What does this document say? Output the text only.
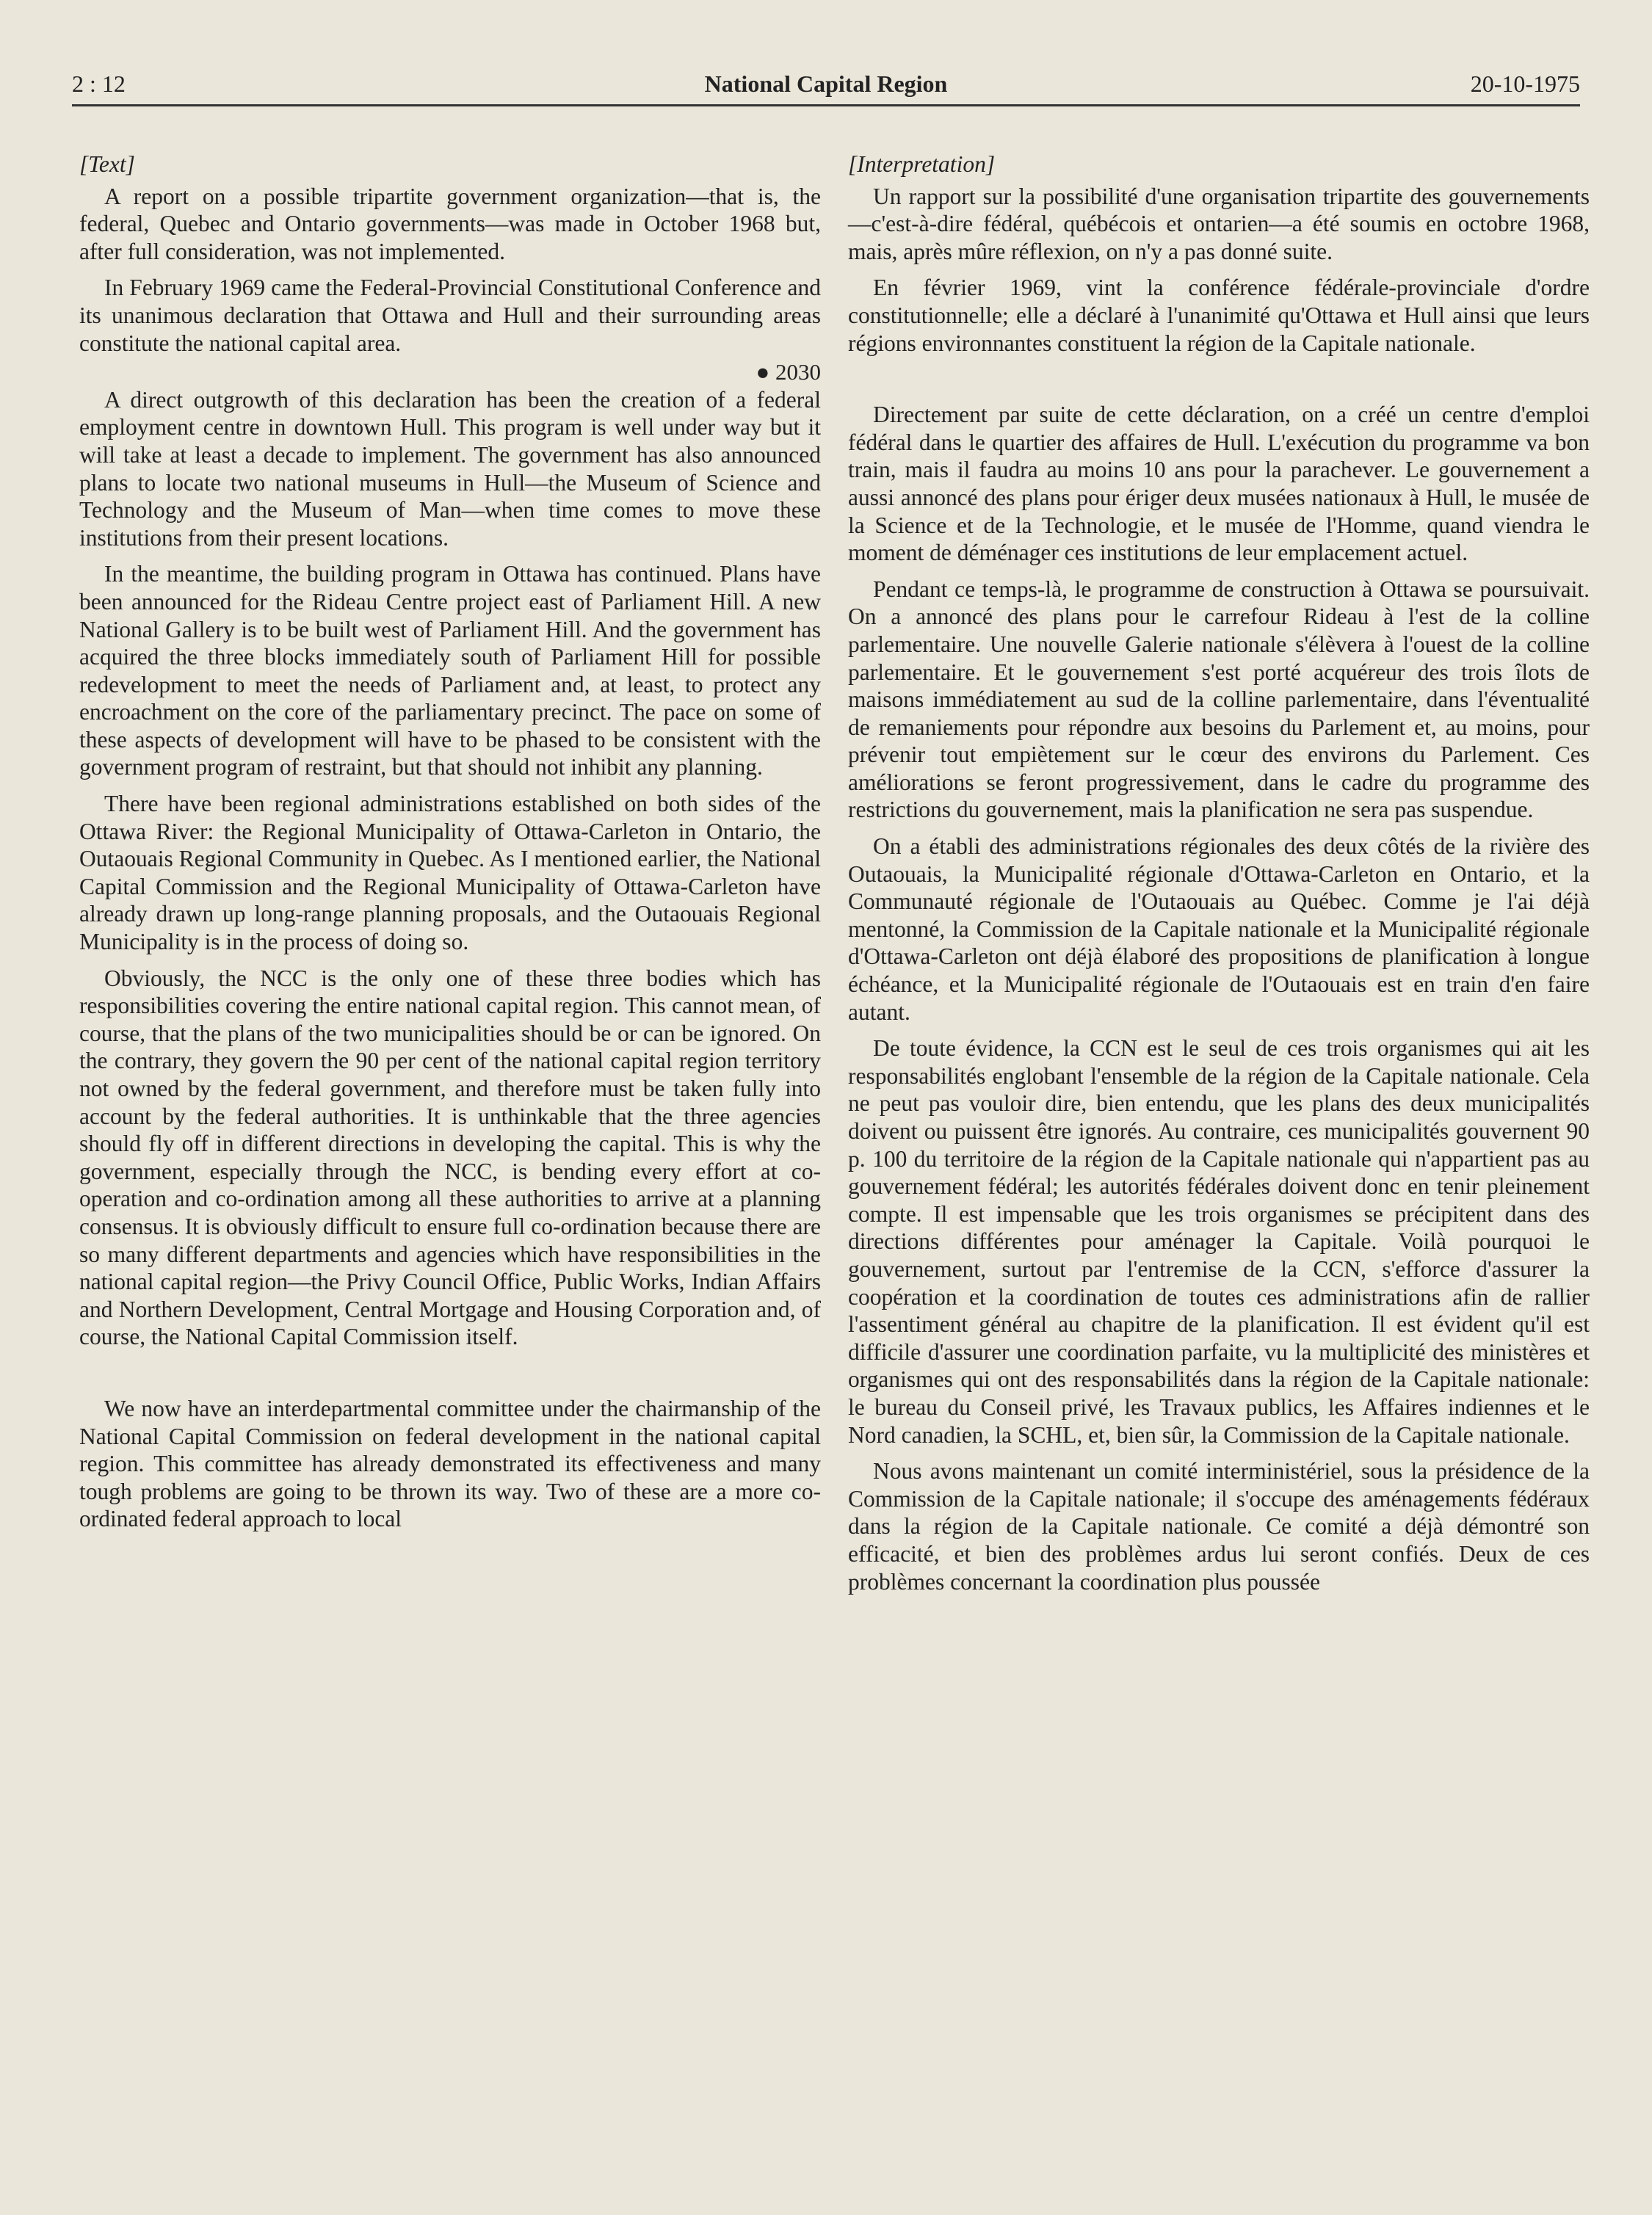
2 : 12	National Capital Region	20-10-1975
[Text]

A report on a possible tripartite government organization—that is, the federal, Quebec and Ontario governments—was made in October 1968 but, after full consideration, was not implemented.

In February 1969 came the Federal-Provincial Constitutional Conference and its unanimous declaration that Ottawa and Hull and their surrounding areas constitute the national capital area.

● 2030

A direct outgrowth of this declaration has been the creation of a federal employment centre in downtown Hull. This program is well under way but it will take at least a decade to implement. The government has also announced plans to locate two national museums in Hull—the Museum of Science and Technology and the Museum of Man—when time comes to move these institutions from their present locations.

In the meantime, the building program in Ottawa has continued. Plans have been announced for the Rideau Centre project east of Parliament Hill. A new National Gallery is to be built west of Parliament Hill. And the government has acquired the three blocks immediately south of Parliament Hill for possible redevelopment to meet the needs of Parliament and, at least, to protect any encroachment on the core of the parliamentary precinct. The pace on some of these aspects of development will have to be phased to be consistent with the government program of restraint, but that should not inhibit any planning.

There have been regional administrations established on both sides of the Ottawa River: the Regional Municipality of Ottawa-Carleton in Ontario, the Outaouais Regional Community in Quebec. As I mentioned earlier, the National Capital Commission and the Regional Municipality of Ottawa-Carleton have already drawn up long-range planning proposals, and the Outaouais Regional Municipality is in the process of doing so.

Obviously, the NCC is the only one of these three bodies which has responsibilities covering the entire national capital region. This cannot mean, of course, that the plans of the two municipalities should be or can be ignored. On the contrary, they govern the 90 per cent of the national capital region territory not owned by the federal government, and therefore must be taken fully into account by the federal authorities. It is unthinkable that the three agencies should fly off in different directions in developing the capital. This is why the government, especially through the NCC, is bending every effort at co-operation and co-ordination among all these authorities to arrive at a planning consensus. It is obviously difficult to ensure full co-ordination because there are so many different departments and agencies which have responsibilities in the national capital region—the Privy Council Office, Public Works, Indian Affairs and Northern Development, Central Mortgage and Housing Corporation and, of course, the National Capital Commission itself.

We now have an interdepartmental committee under the chairmanship of the National Capital Commission on federal development in the national capital region. This committee has already demonstrated its effectiveness and many tough problems are going to be thrown its way. Two of these are a more co-ordinated federal approach to local

[Interpretation]

Un rapport sur la possibilité d'une organisation tripartite des gouvernements—c'est-à-dire fédéral, québécois et ontarien—a été soumis en octobre 1968, mais, après mûre réflexion, on n'y a pas donné suite.

En février 1969, vint la conférence fédérale-provinciale d'ordre constitutionnelle; elle a déclaré à l'unanimité qu'Ottawa et Hull ainsi que leurs régions environnantes constituent la région de la Capitale nationale.

Directement par suite de cette déclaration, on a créé un centre d'emploi fédéral dans le quartier des affaires de Hull. L'exécution du programme va bon train, mais il faudra au moins 10 ans pour la parachever. Le gouvernement a aussi annoncé des plans pour ériger deux musées nationaux à Hull, le musée de la Science et de la Technologie, et le musée de l'Homme, quand viendra le moment de déménager ces institutions de leur emplacement actuel.

Pendant ce temps-là, le programme de construction à Ottawa se poursuivait. On a annoncé des plans pour le carrefour Rideau à l'est de la colline parlementaire. Une nouvelle Galerie nationale s'élèvera à l'ouest de la colline parlementaire. Et le gouvernement s'est porté acquéreur des trois îlots de maisons immédiatement au sud de la colline parlementaire, dans l'éventualité de remaniements pour répondre aux besoins du Parlement et, au moins, pour prévenir tout empiètement sur le cœur des environs du Parlement. Ces améliorations se feront progressivement, dans le cadre du programme des restrictions du gouvernement, mais la planification ne sera pas suspendue.

On a établi des administrations régionales des deux côtés de la rivière des Outaouais, la Municipalité régionale d'Ottawa-Carleton en Ontario, et la Communauté régionale de l'Outaouais au Québec. Comme je l'ai déjà mentonné, la Commission de la Capitale nationale et la Municipalité régionale d'Ottawa-Carleton ont déjà élaboré des propositions de planification à longue échéance, et la Municipalité régionale de l'Outaouais est en train d'en faire autant.

De toute évidence, la CCN est le seul de ces trois organismes qui ait les responsabilités englobant l'ensemble de la région de la Capitale nationale. Cela ne peut pas vouloir dire, bien entendu, que les plans des deux municipalités doivent ou puissent être ignorés. Au contraire, ces municipalités gouvernent 90 p. 100 du territoire de la région de la Capitale nationale qui n'appartient pas au gouvernement fédéral; les autorités fédérales doivent donc en tenir pleinement compte. Il est impensable que les trois organismes se précipitent dans des directions différentes pour aménager la Capitale. Voilà pourquoi le gouvernement, surtout par l'entremise de la CCN, s'efforce d'assurer la coopération et la coordination de toutes ces administrations afin de rallier l'assentiment général au chapitre de la planification. Il est évident qu'il est difficile d'assurer une coordination parfaite, vu la multiplicité des ministères et organismes qui ont des responsabilités dans la région de la Capitale nationale: le bureau du Conseil privé, les Travaux publics, les Affaires indiennes et le Nord canadien, la SCHL, et, bien sûr, la Commission de la Capitale nationale.

Nous avons maintenant un comité interministériel, sous la présidence de la Commission de la Capitale nationale; il s'occupe des aménagements fédéraux dans la région de la Capitale nationale. Ce comité a déjà démontré son efficacité, et bien des problèmes ardus lui seront confiés. Deux de ces problèmes concernant la coordination plus poussée
